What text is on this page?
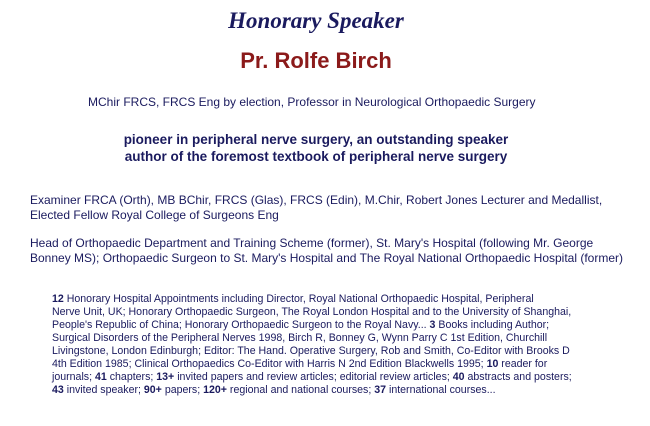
Honorary Speaker
Pr. Rolfe Birch
MChir FRCS, FRCS Eng by election, Professor in Neurological Orthopaedic Surgery
pioneer in peripheral nerve surgery, an outstanding speaker
author of the foremost textbook of peripheral nerve surgery
Examiner FRCA (Orth), MB BChir, FRCS (Glas), FRCS (Edin), M.Chir, Robert Jones Lecturer and Medallist,
Elected Fellow Royal College of Surgeons Eng
Head of Orthopaedic Department and Training Scheme (former), St. Mary's Hospital (following Mr. George
Bonney MS); Orthopaedic Surgeon to St. Mary's Hospital and The Royal National Orthopaedic Hospital (former)
12 Honorary Hospital Appointments including Director, Royal National Orthopaedic Hospital, Peripheral
Nerve Unit, UK; Honorary Orthopaedic Surgeon, The Royal London Hospital and to the University of Shanghai,
People's Republic of China; Honorary Orthopaedic Surgeon to the Royal Navy... 3 Books including Author;
Surgical Disorders of the Peripheral Nerves 1998, Birch R, Bonney G, Wynn Parry C 1st Edition, Churchill
Livingstone, London Edinburgh; Editor: The Hand. Operative Surgery, Rob and Smith, Co-Editor with Brooks D
4th Edition 1985; Clinical Orthopaedics Co-Editor with Harris N 2nd Edition Blackwells 1995; 10 reader for
journals; 41 chapters; 13+ invited papers and review articles; editorial review articles; 40 abstracts and posters;
43 invited speaker; 90+ papers; 120+ regional and national courses; 37 international courses...
